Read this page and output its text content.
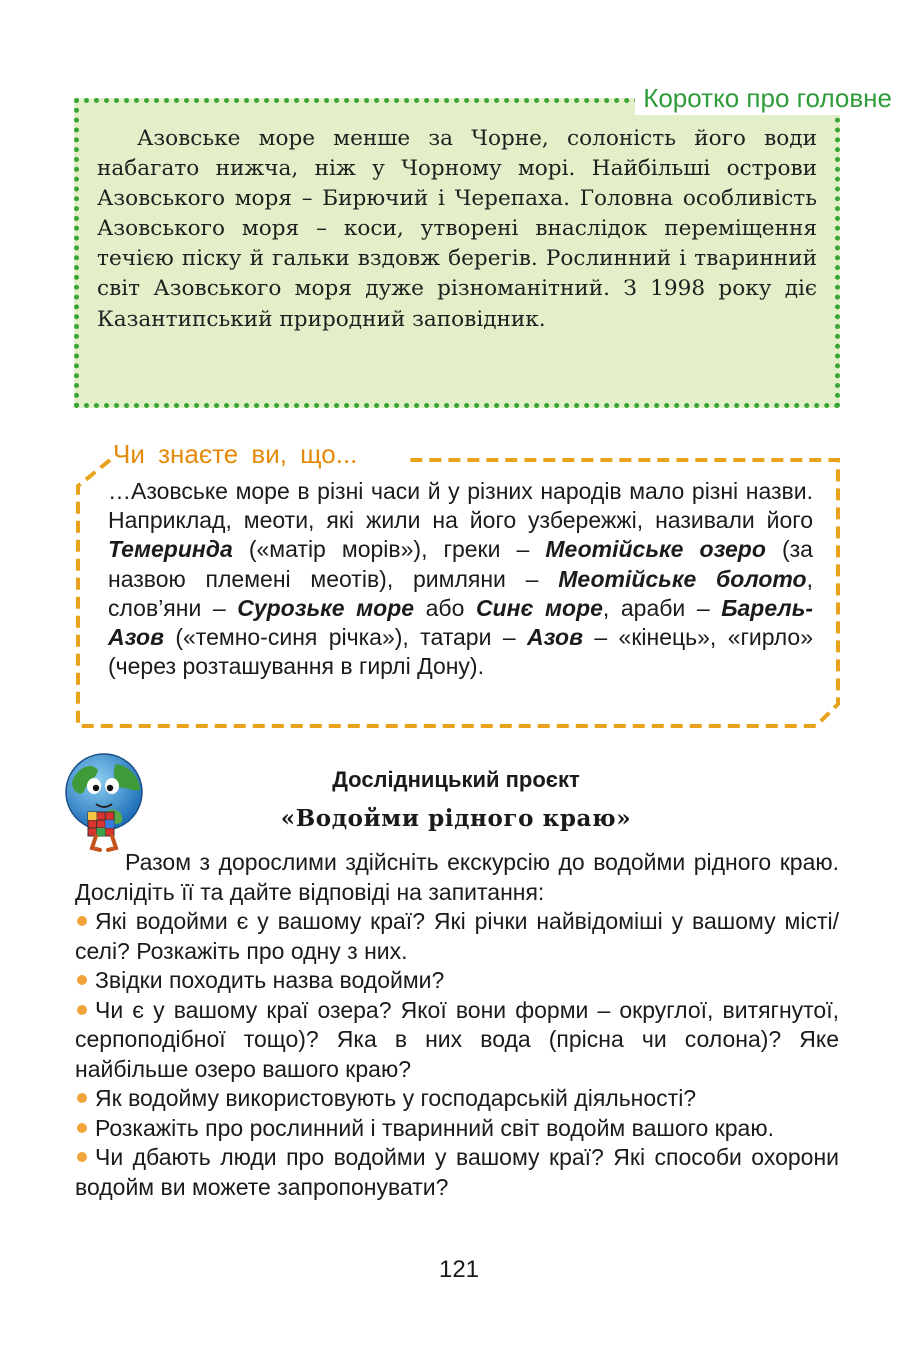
Коротко про головне

Азовське море менше за Чорне, солоність його води набагато нижча, ніж у Чорному морі. Найбільші острови Азовського моря – Бирючий і Черепаха. Головна особливість Азовського моря – коси, утворені внаслідок переміщення течією піску й гальки вздовж берегів. Рослинний і тваринний світ Азовського моря дуже різноманітний. З 1998 року діє Казантипський природний заповідник.

Чи знаєте ви, що...

…Азовське море в різні часи й у різних народів мало різні назви. Наприклад, меоти, які жили на його узбережжі, називали його Темеринда («матір морів»), греки – Меотійське озеро (за назвою племені меотів), римляни – Меотійське болото, слов’яни – Сурозьке море або Синє море, араби – Барель-Азов («темно-синя річка»), татари – Азов – «кінець», «гирло» (через розташування в гирлі Дону).

Дослідницький проєкт
«Водойми рідного краю»

Разом з дорослими здійсніть екскурсію до водойми рідного краю. Дослідіть її та дайте відповіді на запитання:

Які водойми є у вашому краї? Які річки найвідоміші у вашому місті/селі? Розкажіть про одну з них.
Звідки походить назва водойми?
Чи є у вашому краї озера? Якої вони форми – округлої, витягнутої, серпоподібної тощо)? Яка в них вода (прісна чи солона)? Яке найбільше озеро вашого краю?
Як водойму використовують у господарській діяльності?
Розкажіть про рослинний і тваринний світ водойм вашого краю.
Чи дбають люди про водойми у вашому краї? Які способи охорони водойм ви можете запропонувати?
121
